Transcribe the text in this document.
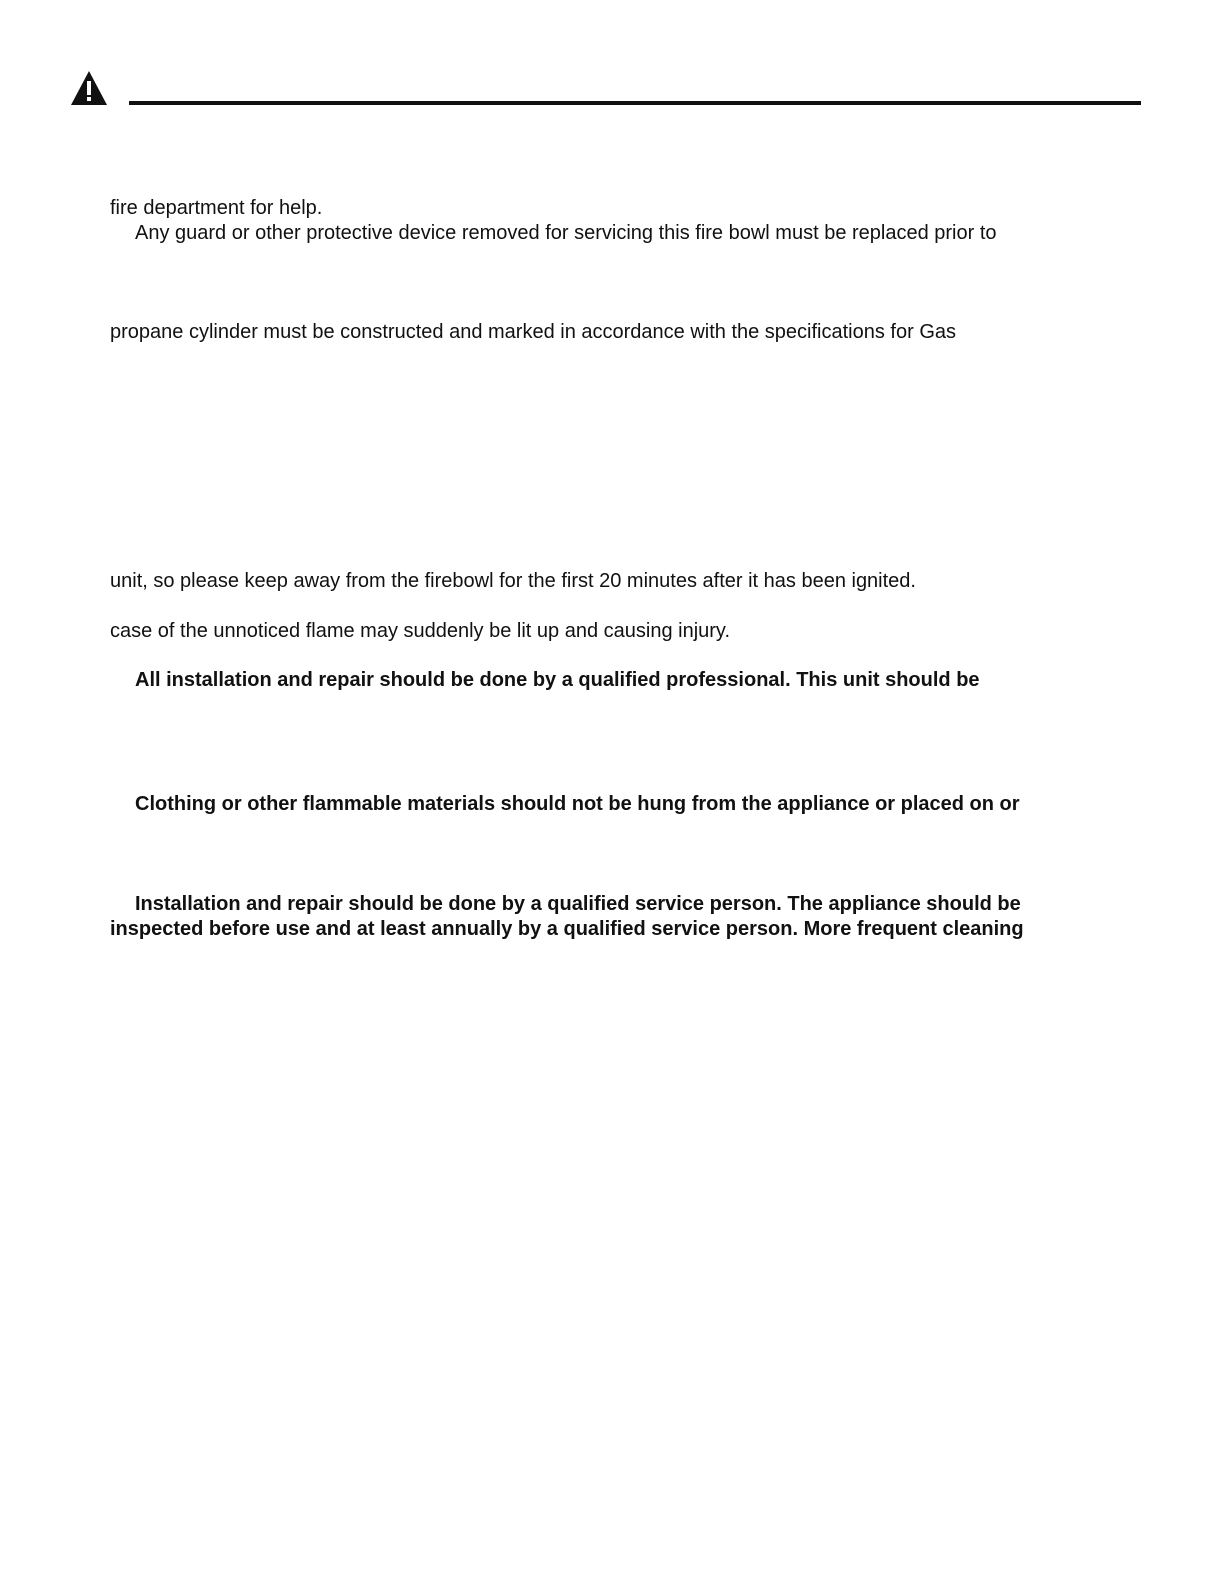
fire department for help.
Any guard or other protective device removed for servicing this fire bowl must be replaced prior to
propane cylinder must be constructed and marked in accordance with the specifications for Gas
unit, so please keep away from the firebowl for the first 20 minutes after it has been ignited.
case of the unnoticed flame may suddenly be lit up and causing injury.
All installation and repair should be done by a qualified professional. This unit should be
Clothing or other flammable materials should not be hung from the appliance or placed on or
Installation and repair should be done by a qualified service person. The appliance should be
inspected before use and at least annually by a qualified service person. More frequent cleaning
